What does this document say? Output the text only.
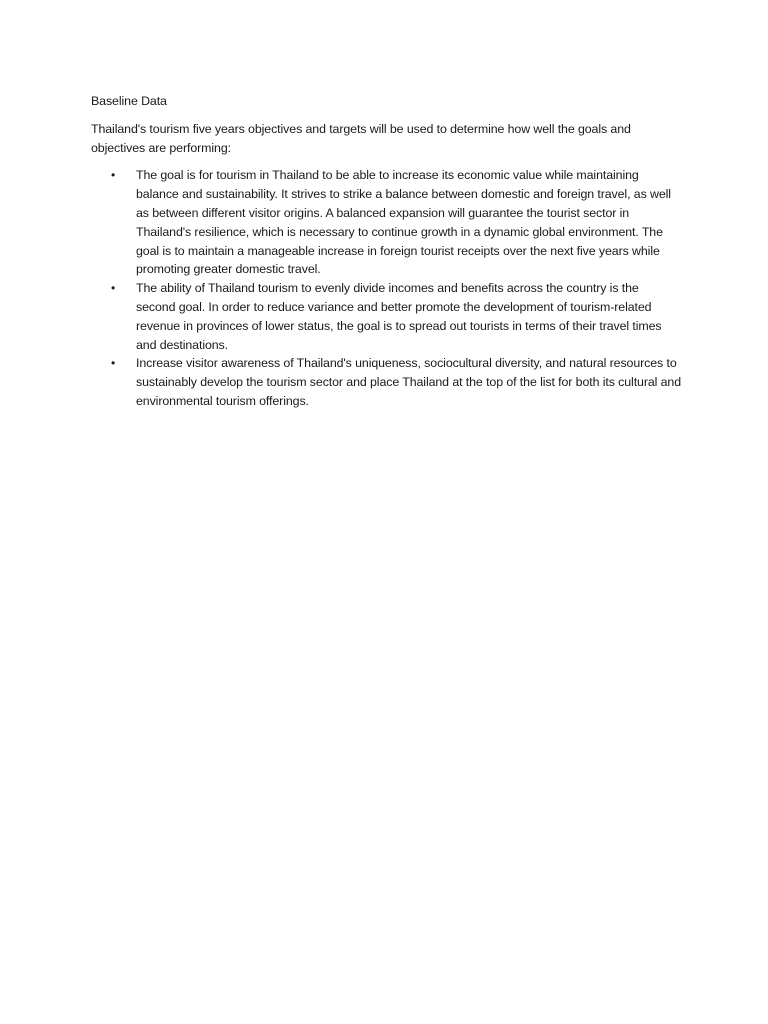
Baseline Data

Thailand's tourism five years objectives and targets will be used to determine how well the goals and objectives are performing:

• The goal is for tourism in Thailand to be able to increase its economic value while maintaining balance and sustainability. It strives to strike a balance between domestic and foreign travel, as well as between different visitor origins. A balanced expansion will guarantee the tourist sector in Thailand's resilience, which is necessary to continue growth in a dynamic global environment. The goal is to maintain a manageable increase in foreign tourist receipts over the next five years while promoting greater domestic travel.
• The ability of Thailand tourism to evenly divide incomes and benefits across the country is the second goal. In order to reduce variance and better promote the development of tourism-related revenue in provinces of lower status, the goal is to spread out tourists in terms of their travel times and destinations.
• Increase visitor awareness of Thailand's uniqueness, sociocultural diversity, and natural resources to sustainably develop the tourism sector and place Thailand at the top of the list for both its cultural and environmental tourism offerings.
